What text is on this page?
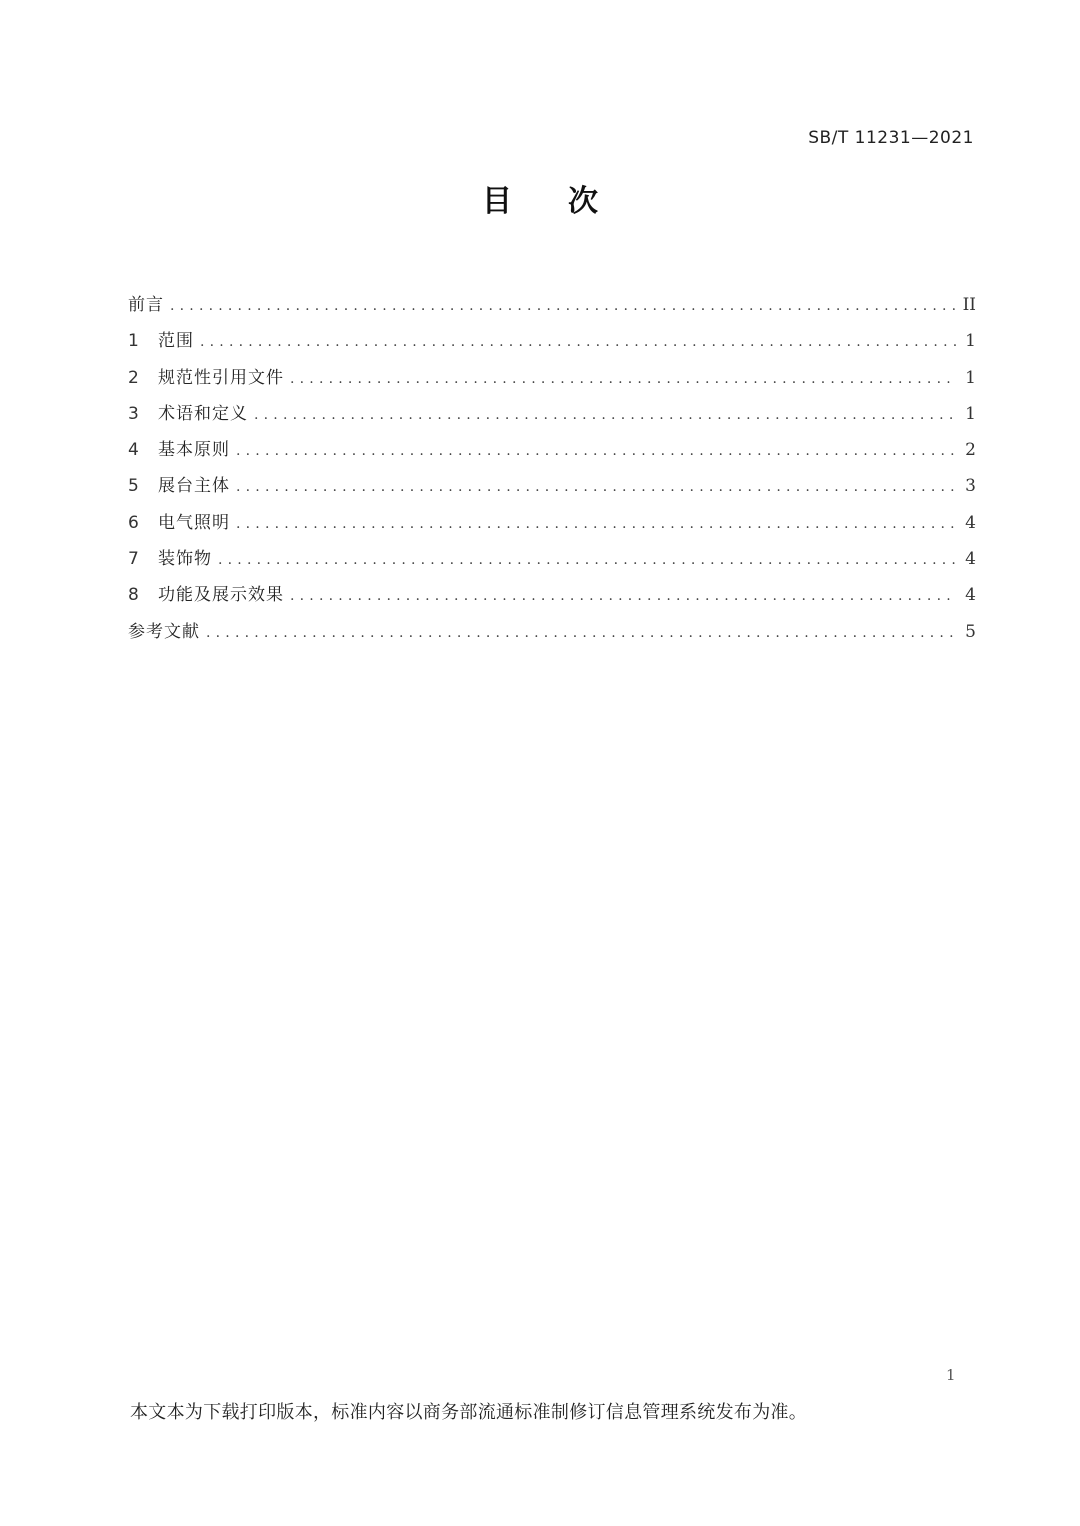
SB/T 11231—2021
目次
前言 .....	II
1	范围 .....	1
2	规范性引用文件 .....	1
3	术语和定义 .....	1
4	基本原则 .....	2
5	展台主体 .....	3
6	电气照明 .....	4
7	装饰物 .....	4
8	功能及展示效果 .....	4
参考文献 .....	5
1
本文本为下载打印版本，标准内容以商务部流通标准制修订信息管理系统发布为准。
